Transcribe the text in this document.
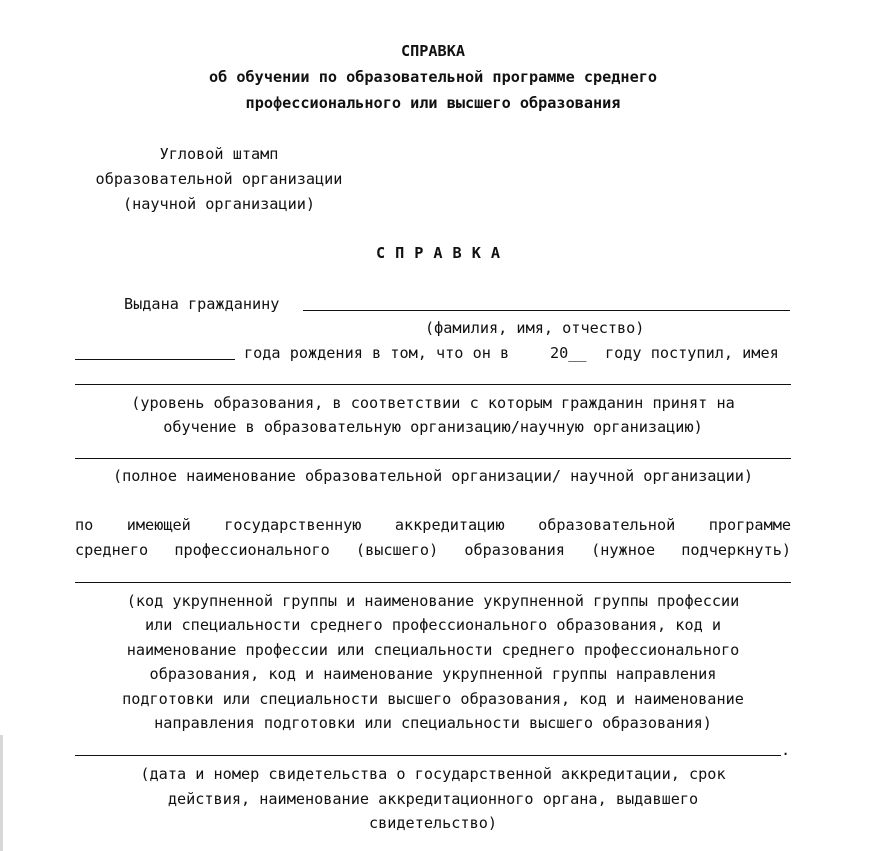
СПРАВКА
об обучении по образовательной программе среднего
профессионального или высшего образования
Угловой штамп
образовательной организации
(научной организации)
СПРАВКА
Выдана гражданину
(фамилия, имя, отчество)
года рождения в том, что он в	20__ году поступил, имея
(уровень образования, в соответствии с которым гражданин принят на
обучение в образовательную организацию/научную организацию)
(полное наименование образовательной организации/ научной организации)
по имеющей государственную аккредитацию образовательной программе
среднего профессионального (высшего) образования (нужное подчеркнуть)
(код укрупненной группы и наименование укрупненной группы профессии
или специальности среднего профессионального образования, код и
наименование профессии или специальности среднего профессионального
образования, код и наименование укрупненной группы направления
подготовки или специальности высшего образования, код и наименование
направления подготовки или специальности высшего образования)
.
(дата и номер свидетельства о государственной аккредитации, срок
действия, наименование аккредитационного органа, выдавшего
свидетельство)
